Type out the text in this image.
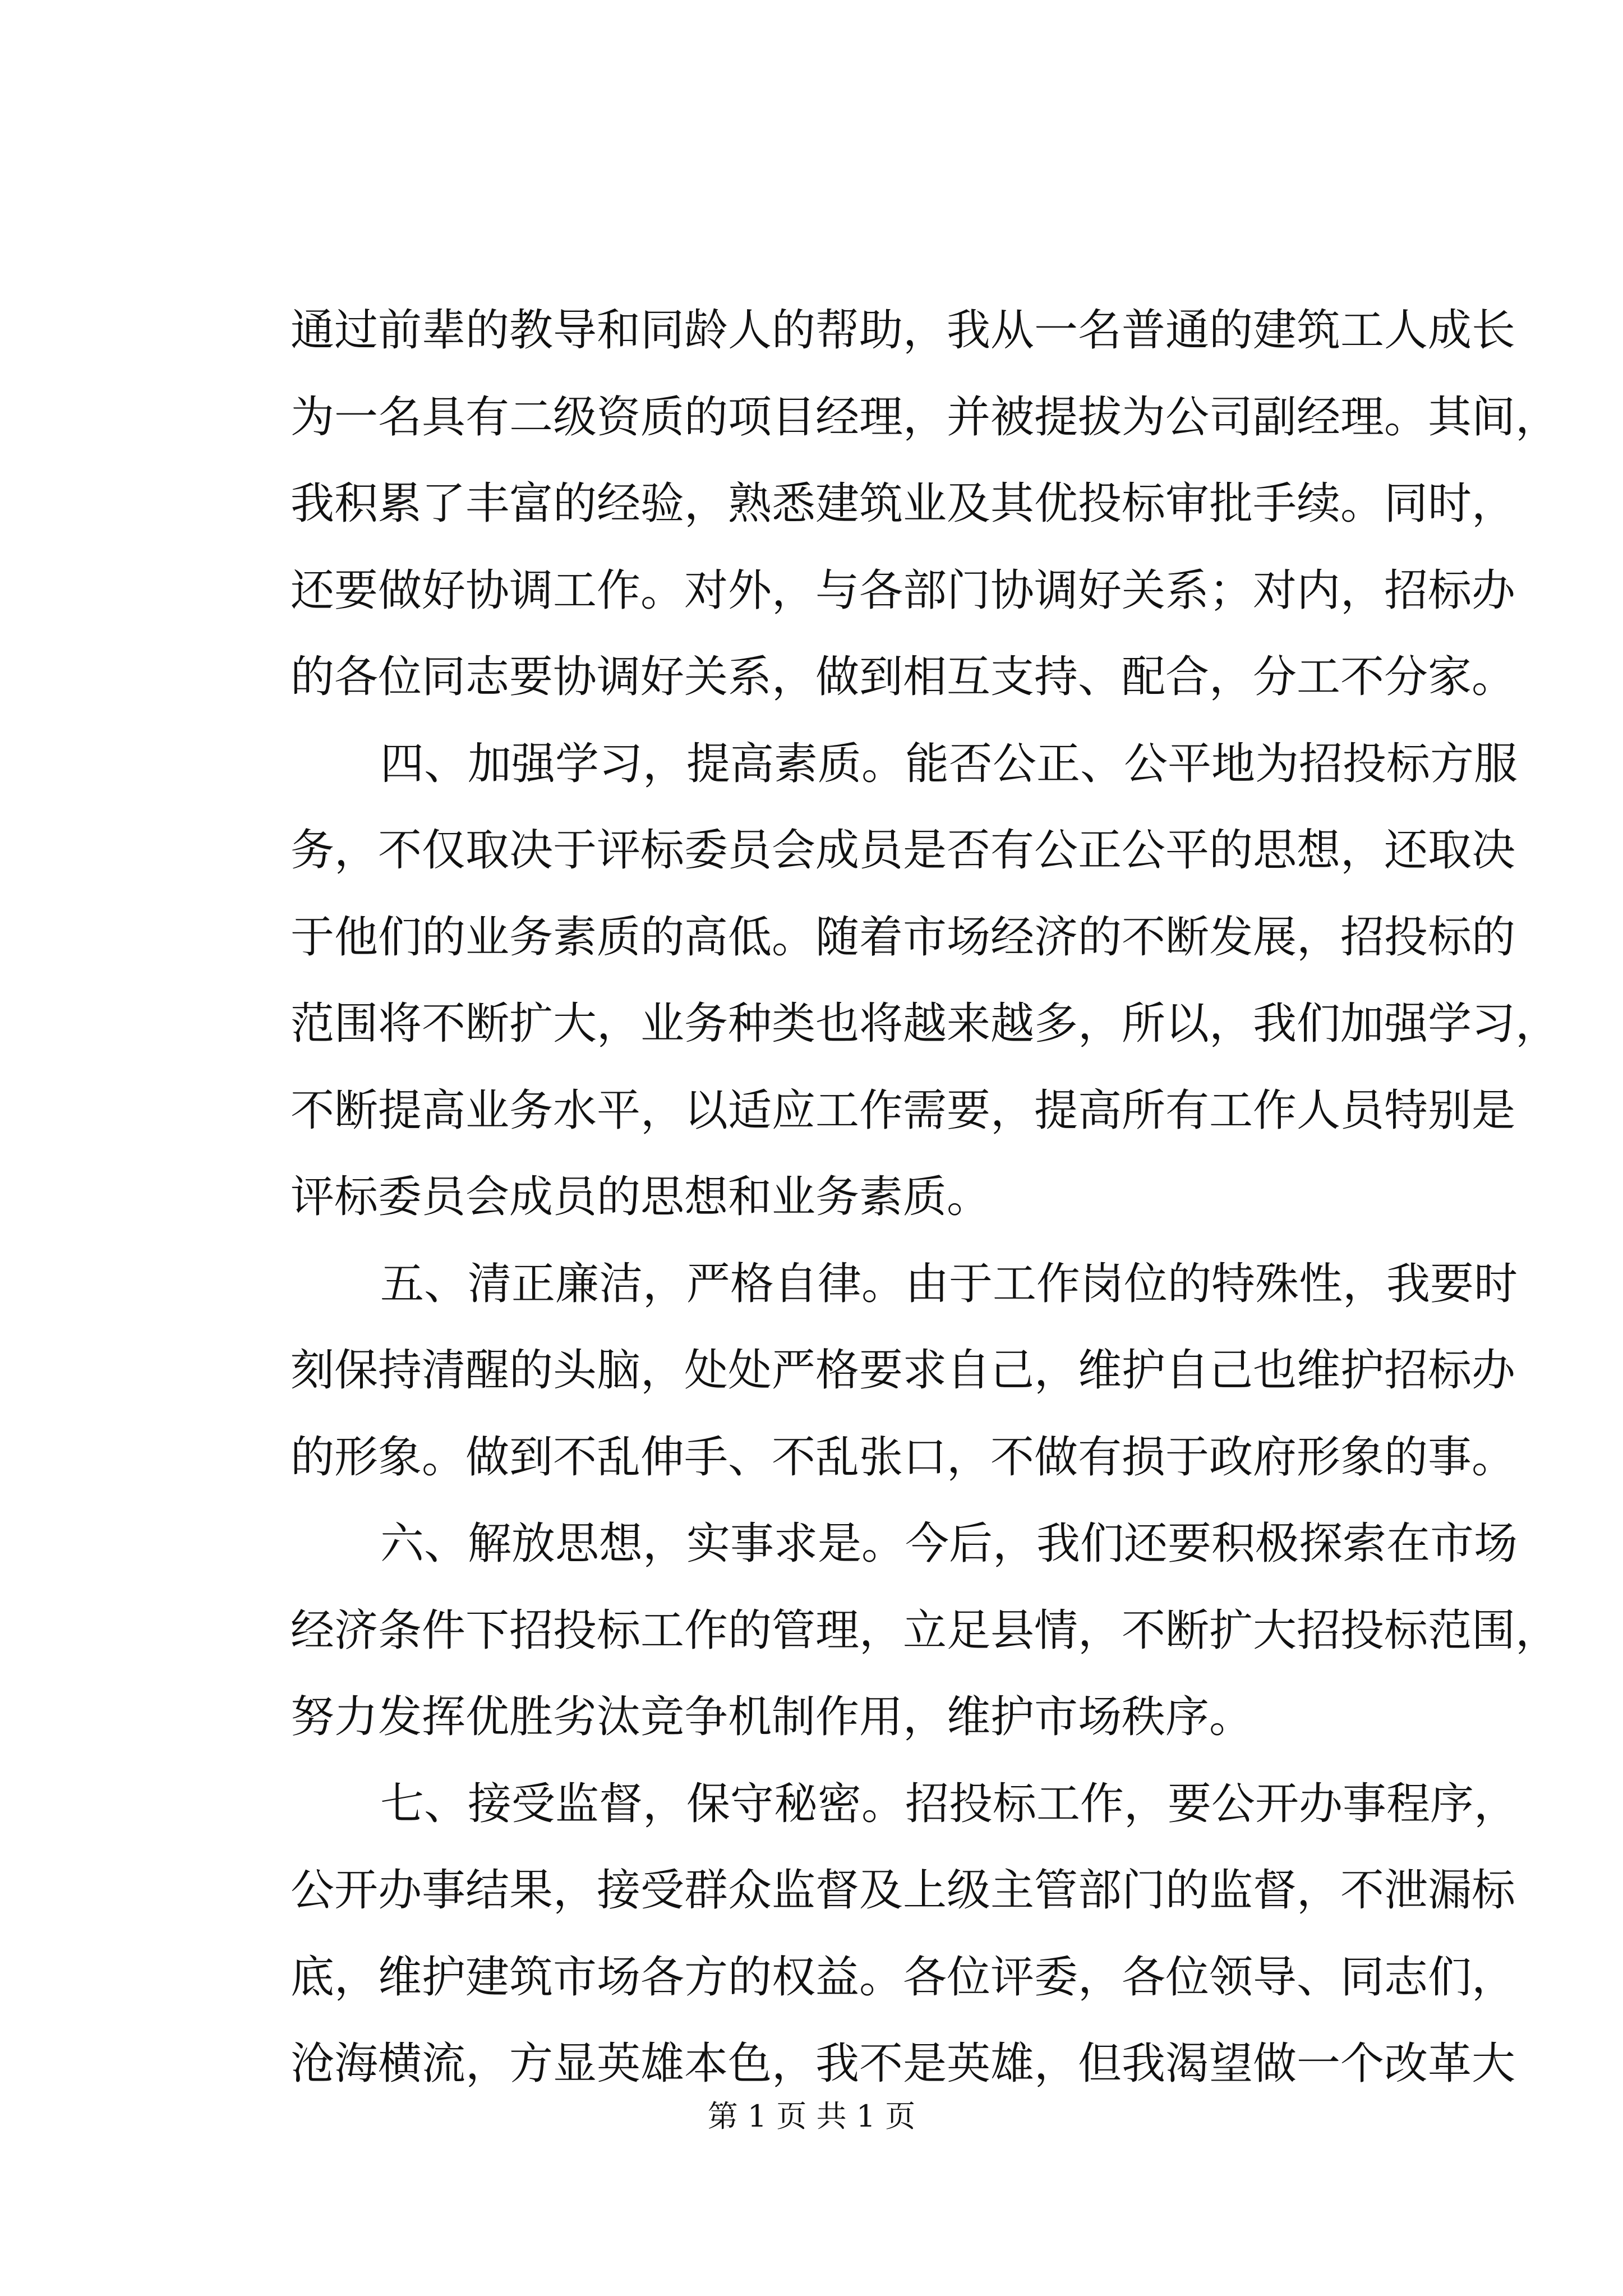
通过前辈的教导和同龄人的帮助，我从一名普通的建筑工人成长
为一名具有二级资质的项目经理，并被提拔为公司副经理。其间，
我积累了丰富的经验，熟悉建筑业及其优投标审批手续。同时，
还要做好协调工作。对外，与各部门协调好关系；对内，招标办
的各位同志要协调好关系，做到相互支持、配合，分工不分家。
四、加强学习，提高素质。能否公正、公平地为招投标方服
务，不仅取决于评标委员会成员是否有公正公平的思想，还取决
于他们的业务素质的高低。随着市场经济的不断发展，招投标的
范围将不断扩大，业务种类也将越来越多，所以，我们加强学习，
不断提高业务水平，以适应工作需要，提高所有工作人员特别是
评标委员会成员的思想和业务素质。
五、清正廉洁，严格自律。由于工作岗位的特殊性，我要时
刻保持清醒的头脑，处处严格要求自己，维护自己也维护招标办
的形象。做到不乱伸手、不乱张口，不做有损于政府形象的事。
六、解放思想，实事求是。今后，我们还要积极探索在市场
经济条件下招投标工作的管理，立足县情，不断扩大招投标范围，
努力发挥优胜劣汰竞争机制作用，维护市场秩序。
七、接受监督，保守秘密。招投标工作，要公开办事程序，
公开办事结果，接受群众监督及上级主管部门的监督，不泄漏标
底，维护建筑市场各方的权益。各位评委，各位领导、同志们，
沧海横流，方显英雄本色，我不是英雄，但我渴望做一个改革大
第 1 页 共 1 页
